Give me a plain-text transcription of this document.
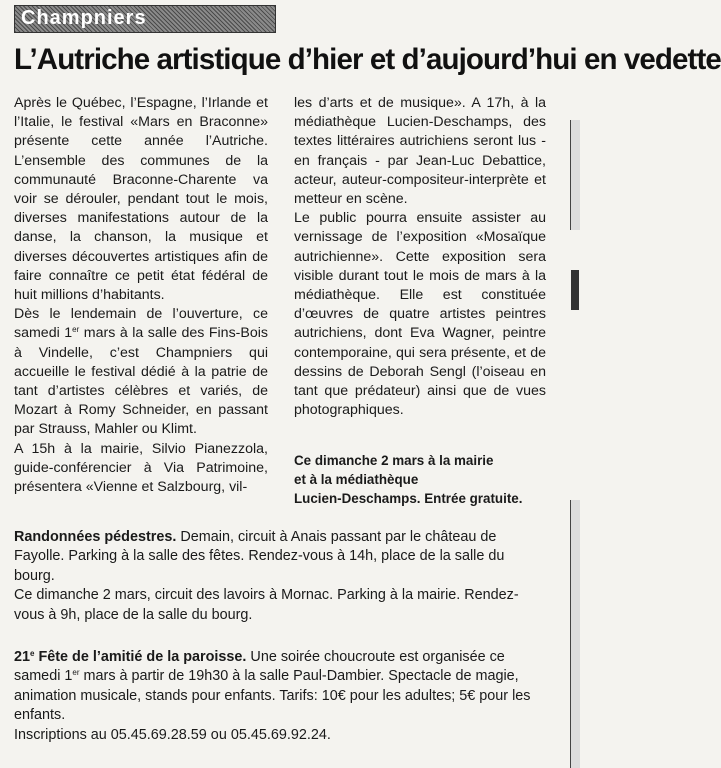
Champniers
L’Autriche artistique d’hier et d’aujourd’hui en vedette

Après le Québec, l’Espagne, l’Irlande et l’Italie, le festival «Mars en Braconne» présente cette année l’Autriche. L’ensemble des communes de la communauté Braconne-Charente va voir se dérouler, pendant tout le mois, diverses manifestations autour de la danse, la chanson, la musique et diverses découvertes artistiques afin de faire connaître ce petit état fédéral de huit millions d’habitants.

Dès le lendemain de l’ouverture, ce samedi 1er mars à la salle des Fins-Bois à Vindelle, c’est Champniers qui accueille le festival dédié à la patrie de tant d’artistes célèbres et variés, de Mozart à Romy Schneider, en passant par Strauss, Mahler ou Klimt.

A 15h à la mairie, Silvio Pianezzola, guide-conférencier à Via Patrimoine, présentera «Vienne et Salzbourg, vil-

les d’arts et de musique». A 17h, à la médiathèque Lucien-Deschamps, des textes littéraires autrichiens seront lus - en français - par Jean-Luc Debattice, acteur, auteur-compositeur-interprète et metteur en scène.

Le public pourra ensuite assister au vernissage de l’exposition «Mosaïque autrichienne». Cette exposition sera visible durant tout le mois de mars à la médiathèque. Elle est constituée d’œuvres de quatre artistes peintres autrichiens, dont Eva Wagner, peintre contemporaine, qui sera présente, et de dessins de Deborah Sengl (l’oiseau en tant que prédateur) ainsi que de vues photographiques.

Ce dimanche 2 mars à la mairie
et à la médiathèque
Lucien-Deschamps. Entrée gratuite.

Randonnées pédestres. Demain, circuit à Anais passant par le château de Fayolle. Parking à la salle des fêtes. Rendez-vous à 14h, place de la salle du bourg.
Ce dimanche 2 mars, circuit des lavoirs à Mornac. Parking à la mairie. Rendez-vous à 9h, place de la salle du bourg.

21e Fête de l’amitié de la paroisse. Une soirée choucroute est organisée ce samedi 1er mars à partir de 19h30 à la salle Paul-Dambier. Spectacle de magie, animation musicale, stands pour enfants. Tarifs: 10€ pour les adultes; 5€ pour les enfants.
Inscriptions au 05.45.69.28.59 ou 05.45.69.92.24.
